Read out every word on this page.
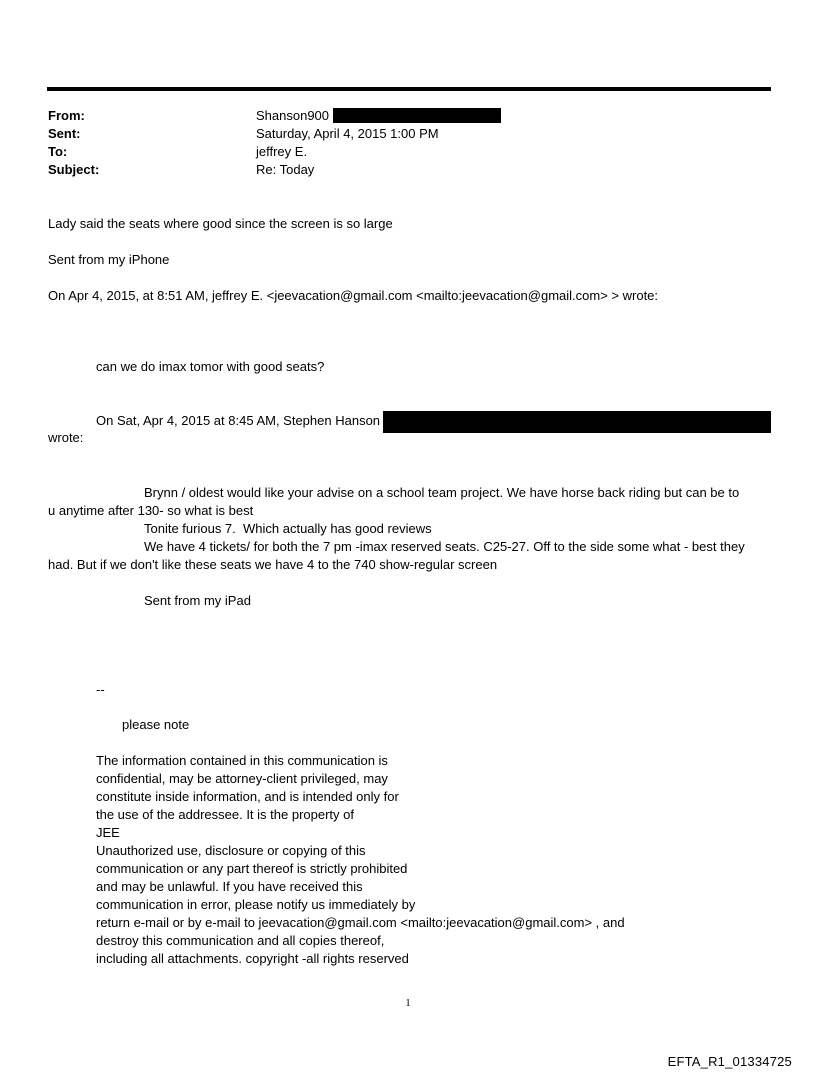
From:	Shanson900
Sent:	Saturday, April 4, 2015 1:00 PM
To:	jeffrey E.
Subject:	Re: Today
Lady said the seats where good since the screen is so large
Sent from my iPhone
On Apr 4, 2015, at 8:51 AM, jeffrey E. <jeevacation@gmail.com <mailto:jeevacation@gmail.com> > wrote:
can we do imax tomor with good seats?
On Sat, Apr 4, 2015 at 8:45 AM, Stephen Hanson
wrote:
Brynn / oldest would like your advise on a school team project. We have horse back riding but can be to
u anytime after 130- so what is best
Tonite furious 7.  Which actually has good reviews
We have 4 tickets/ for both the 7 pm -imax reserved seats. C25-27. Off to the side some what - best they
had. But if we don't like these seats we have 4 to the 740 show-regular screen
Sent from my iPad
--
please note
The information contained in this communication is
confidential, may be attorney-client privileged, may
constitute inside information, and is intended only for
the use of the addressee. It is the property of
JEE
Unauthorized use, disclosure or copying of this
communication or any part thereof is strictly prohibited
and may be unlawful. If you have received this
communication in error, please notify us immediately by
return e-mail or by e-mail to jeevacation@gmail.com <mailto:jeevacation@gmail.com> , and
destroy this communication and all copies thereof,
including all attachments. copyright -all rights reserved
1
EFTA_R1_01334725
